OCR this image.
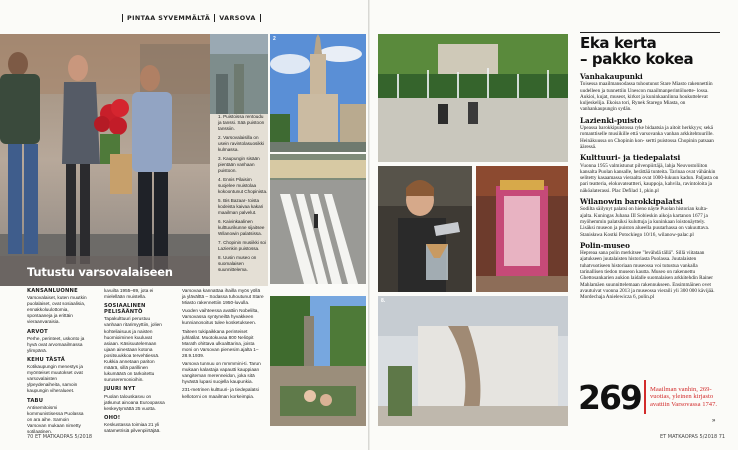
PINTAA SYVEMMÄLTÄ VARSOVA
Tutustu varsovalaiseen
1. Puistoissa rentoudu ja tanssi. Sää puistoon tanssiin.
2. Varsovalaisilla on usein ravintolasuosikki kulmassa.
3. Kaupungin sisään pientään vanhaan puistoon.
4. Ennis Pilaisim suojelee muistolaa kokoontunut Chopinista.
5. Bis Bazaar- toista kodeista kaivaa kakari maailman palvelut.
6. Kaivinkaalinen kulttuurikunne sijaitsee Wilanowin palatsissa.
7. Chopinin musiikki soi Lazienkin puistossa.
8. Uusin museo on suomalaisen suunnittelema.
2
KANSANLUONNE

Varsovalaiset, kuten muutkin puolalaiset, ovat sosiaalisia, ennakkoluulottomia, spontaaneja ja erittäin vieraanvaraisia.

ARVOT

Perhe, perinteet, uskonto ja hyvä ovat arvomaailmassa ylimpänä.

KEHU TÄSTÄ

Kotikaupungin menestys ja myönteiset muutokset ovat varsovalaisten ylpeydenaiheita, samoin kaupungin viheralueet.

TABU

Antisemitoismi kommunistisessa Puolassa on ara aihe. Samoin Varsovan mukaan nimetty sotilaatinen.

luvuilta 1955–89, jota ei mielellään muistella.

SOSIAALINEN PELISÄÄNTÖ

Tapakulttuuri perustuu vanhaan ritarimyyttiin, jolien kohteliaisuus ja naisten huomioiminen kuuluvat asiaan. Käsisuutelemaan ujaan ainestaan kotona positsuukkoa tervehtiessä. Kukkia annetaan pariton määrä, sillä parillinen lukumäärä on tarkoitettu suruseremonioihin.

JUURI NYT

Puolan talouskasvu on jatkunut ainoana Euroopassa keskeytymättä 25 vuotta.

OHO!

Keskustassa toimiaa 21 yli satametrisiä pilvenpiirtäjää.

Varsovaa kannattaa ihailla myös yöllä ja ylävälttä – Sodassa tuhoutunut Stare Miasto rakennettiin 1950-luvulla.

Vuoden vaihteessa avattiin Nobelilta, Varsovassa syntyneiltä hyvakkeen kunnianosoitus tulee kosketukseen.

Taiteen tukipaikkana perinteiset juhlatilat. Muotokuvaa 800 Neliöpit Marath ohittava ulkoalttarina, joista moni on Varsovan pienesim.ajalta 1–28.9.1939.

Varsova tunnuu on mmmmini-ti. Tarun mukaan kalastaja vapautti kauppiaan vangiteman merenneidon, joka sitä hyvästä lupasi suojella kaupunkia.

231-metrinen kulttuuri- ja tiedepalatsi kellotorni on maailman korkeimpia.

70 ET MATKAOPAS 5/2018
8.
Eka kerta
– pakko kokea
Vanhakaupunki

Toisessa maailmansodassa tuhoutunut Stare Miasto rakennettiin uudelleen ja tunnettiin Unescon maailmanperintöluette- lossa. Aukioi, kujat, museot, kirkot ja kuninkaanlinna houkuttelevat kuljeskelija. Ekoisa tori, Rynek Starego Miasta, on vanhankaupungin sydän.

Lazienki-puisto

Upeassa barokkipuistossa ryke bidaatsia ja aitoit herkkyys; sekä romanttiselle musiikille että varsovanka vanhan arkkitehtuurille. Heinäkuussa on Chopinin kon- sertti puistossa Chopinin patsaan ääressä.

Kulttuuri- ja tiedepalatsi

Vuonna 1955 valmistunut pilvenpiirtäjä, lahja Neuvostoliiton kansalta Puolan kansalle, herättää tunteita. Tarinaa ovat vähänkin selitetty kasaamassa vieraalta ovat 1000-lukuun kadun. Paljasta on pari teatteria, elokuvateattteri, kauppoja, kahvila, ravintoloita ja näköalaterassi. Plac Defilad 1, pkin.pl

Wilanowin barokkipalatsi

Sodilta säilynyt palatsi on hieno näyte Puolan historian kulta-ajalta. Kuningas Juhana III Sobieskin aikoja kartanon 1677 ja myöhemmin palatsiksi kuluttuja ja kuninkaan loistonäyttely. Lisäksi museon ja puiston alueella puutarhassa on vakuuttava. Stanisława Kostki Potockiego 10/16, wilanow-palac.pl

Polin-museo

Hepreaa sana polin merkitsee "levähdä tällä". Sillä viitataan ajatukseen juutalaisten historiasta Puolassa. Juutalaisten tuhatvuotiseen historiaan museossa voi tutustua vankalla tarinallisen tiedon museon kautta. Museo on rakennettu Ghettosankarien aukion laidalle suomalaisen arkkitehdin Rainer Mahlamäen suunnittelemaan rakennukseen. Ensimmäinen ovet avautuivat vuonna 2013 ja museossa vieraili yli 300 000 kävijää. Mordechaja Anielewicza 6, polin.pl

269 Maailman vanhin, 269-vuotias, yleinen kirjasto avattiin Varsovassa 1747.
»
ET MATKAOPAS 5/2018 71
